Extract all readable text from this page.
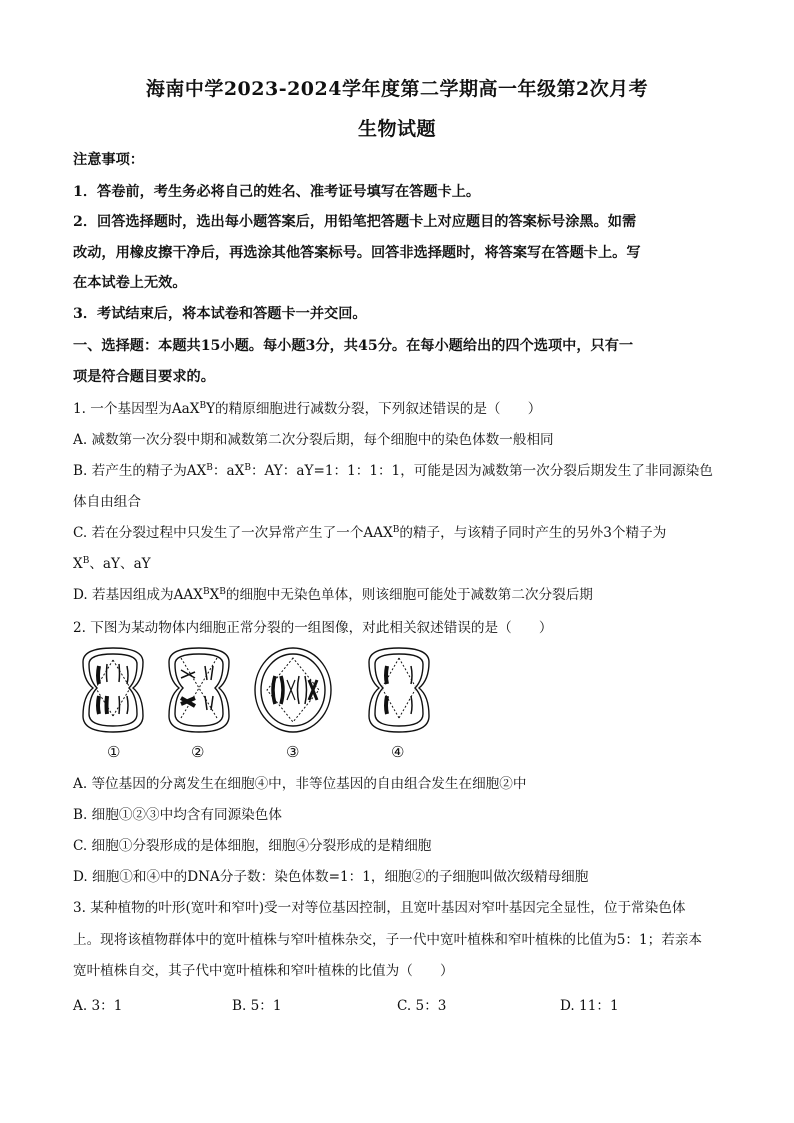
海南中学2023-2024学年度第二学期高一年级第2次月考
生物试题
注意事项：
1．答卷前，考生务必将自己的姓名、准考证号填写在答题卡上。
2．回答选择题时，选出每小题答案后，用铅笔把答题卡上对应题目的答案标号涂黑。如需
改动，用橡皮擦干净后，再选涂其他答案标号。回答非选择题时，将答案写在答题卡上。写
在本试卷上无效。
3．考试结束后，将本试卷和答题卡一并交回。
一、选择题：本题共15小题。每小题3分，共45分。在每小题给出的四个选项中，只有一
项是符合题目要求的。
1. 一个基因型为AaX$^B$Y的精原细胞进行减数分裂，下列叙述错误的是（　　）
A. 减数第一次分裂中期和减数第二次分裂后期，每个细胞中的染色体数一般相同
B. 若产生的精子为$AX^B$：$aX^B$：AY：aY=1：1：1：1，可能是因为减数第一次分裂后期发生了非同源染色
体自由组合
C. 若在分裂过程中只发生了一次异常产生了一个$AAX^B$的精子，与该精子同时产生的另外3个精子为
$X^B$、aY、aY
D. 若基因组成为$AAX^BX^B$的细胞中无染色单体，则该细胞可能处于减数第二次分裂后期
2. 下图为某动物体内细胞正常分裂的一组图像，对此相关叙述错误的是（　　）
①	②	③	④
A. 等位基因的分离发生在细胞④中，非等位基因的自由组合发生在细胞②中
B. 细胞①②③中均含有同源染色体
C. 细胞①分裂形成的是体细胞，细胞④分裂形成的是精细胞
D. 细胞①和④中的DNA分子数：染色体数=1：1，细胞②的子细胞叫做次级精母细胞
3. 某种植物的叶形(宽叶和窄叶)受一对等位基因控制，且宽叶基因对窄叶基因完全显性，位于常染色体
上。现将该植物群体中的宽叶植株与窄叶植株杂交，子一代中宽叶植株和窄叶植株的比值为5：1；若亲本
宽叶植株自交，其子代中宽叶植株和窄叶植株的比值为（　　）
A. 3：1	B. 5：1	C. 5：3	D. 11：1
